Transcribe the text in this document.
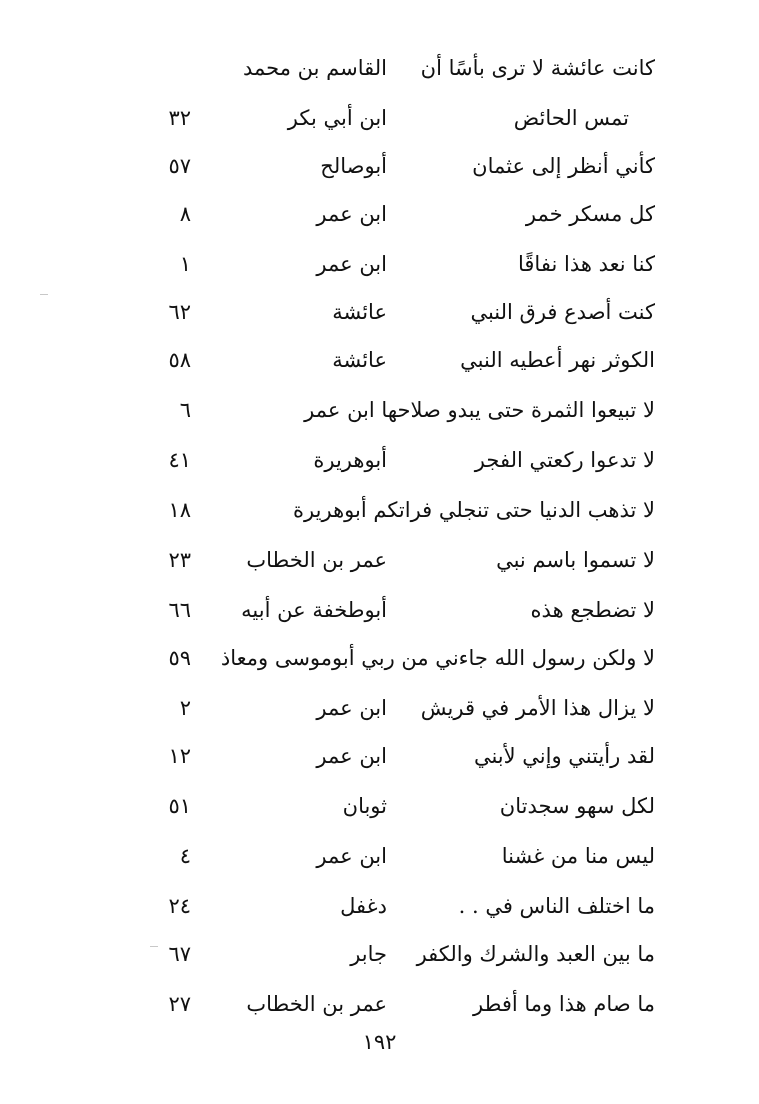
كانت عائشة لا ترى بأسًا أن
القاسم بن محمد
تمس الحائض
ابن أبي بكر
٣٢
كأني أنظر إلى عثمان
أبوصالح
٥٧
كل مسكر خمر
ابن عمر
٨
كنا نعد هذا نفاقًا
ابن عمر
١
كنت أصدع فرق النبي
عائشة
٦٢
الكوثر نهر أعطيه النبي
عائشة
٥٨
لا تبيعوا الثمرة حتى يبدو صلاحها ابن عمر
٦
لا تدعوا ركعتي الفجر
أبوهريرة
٤١
لا تذهب الدنيا حتى تنجلي فراتكم أبوهريرة
١٨
لا تسموا باسم نبي
عمر بن الخطاب
٢٣
لا تضطجع هذه
أبوطخفة عن أبيه
٦٦
لا ولكن رسول الله جاءني من ربي أبوموسى ومعاذ
٥٩
لا يزال هذا الأمر في قريش
ابن عمر
٢
لقد رأيتني وإني لأبني
ابن عمر
١٢
لكل سهو سجدتان
ثوبان
٥١
ليس منا من غشنا
ابن عمر
٤
ما اختلف الناس في . .
دغفل
٢٤
ما بين العبد والشرك والكفر
جابر
٦٧
ما صام هذا وما أفطر
عمر بن الخطاب
٢٧
١٩٢
